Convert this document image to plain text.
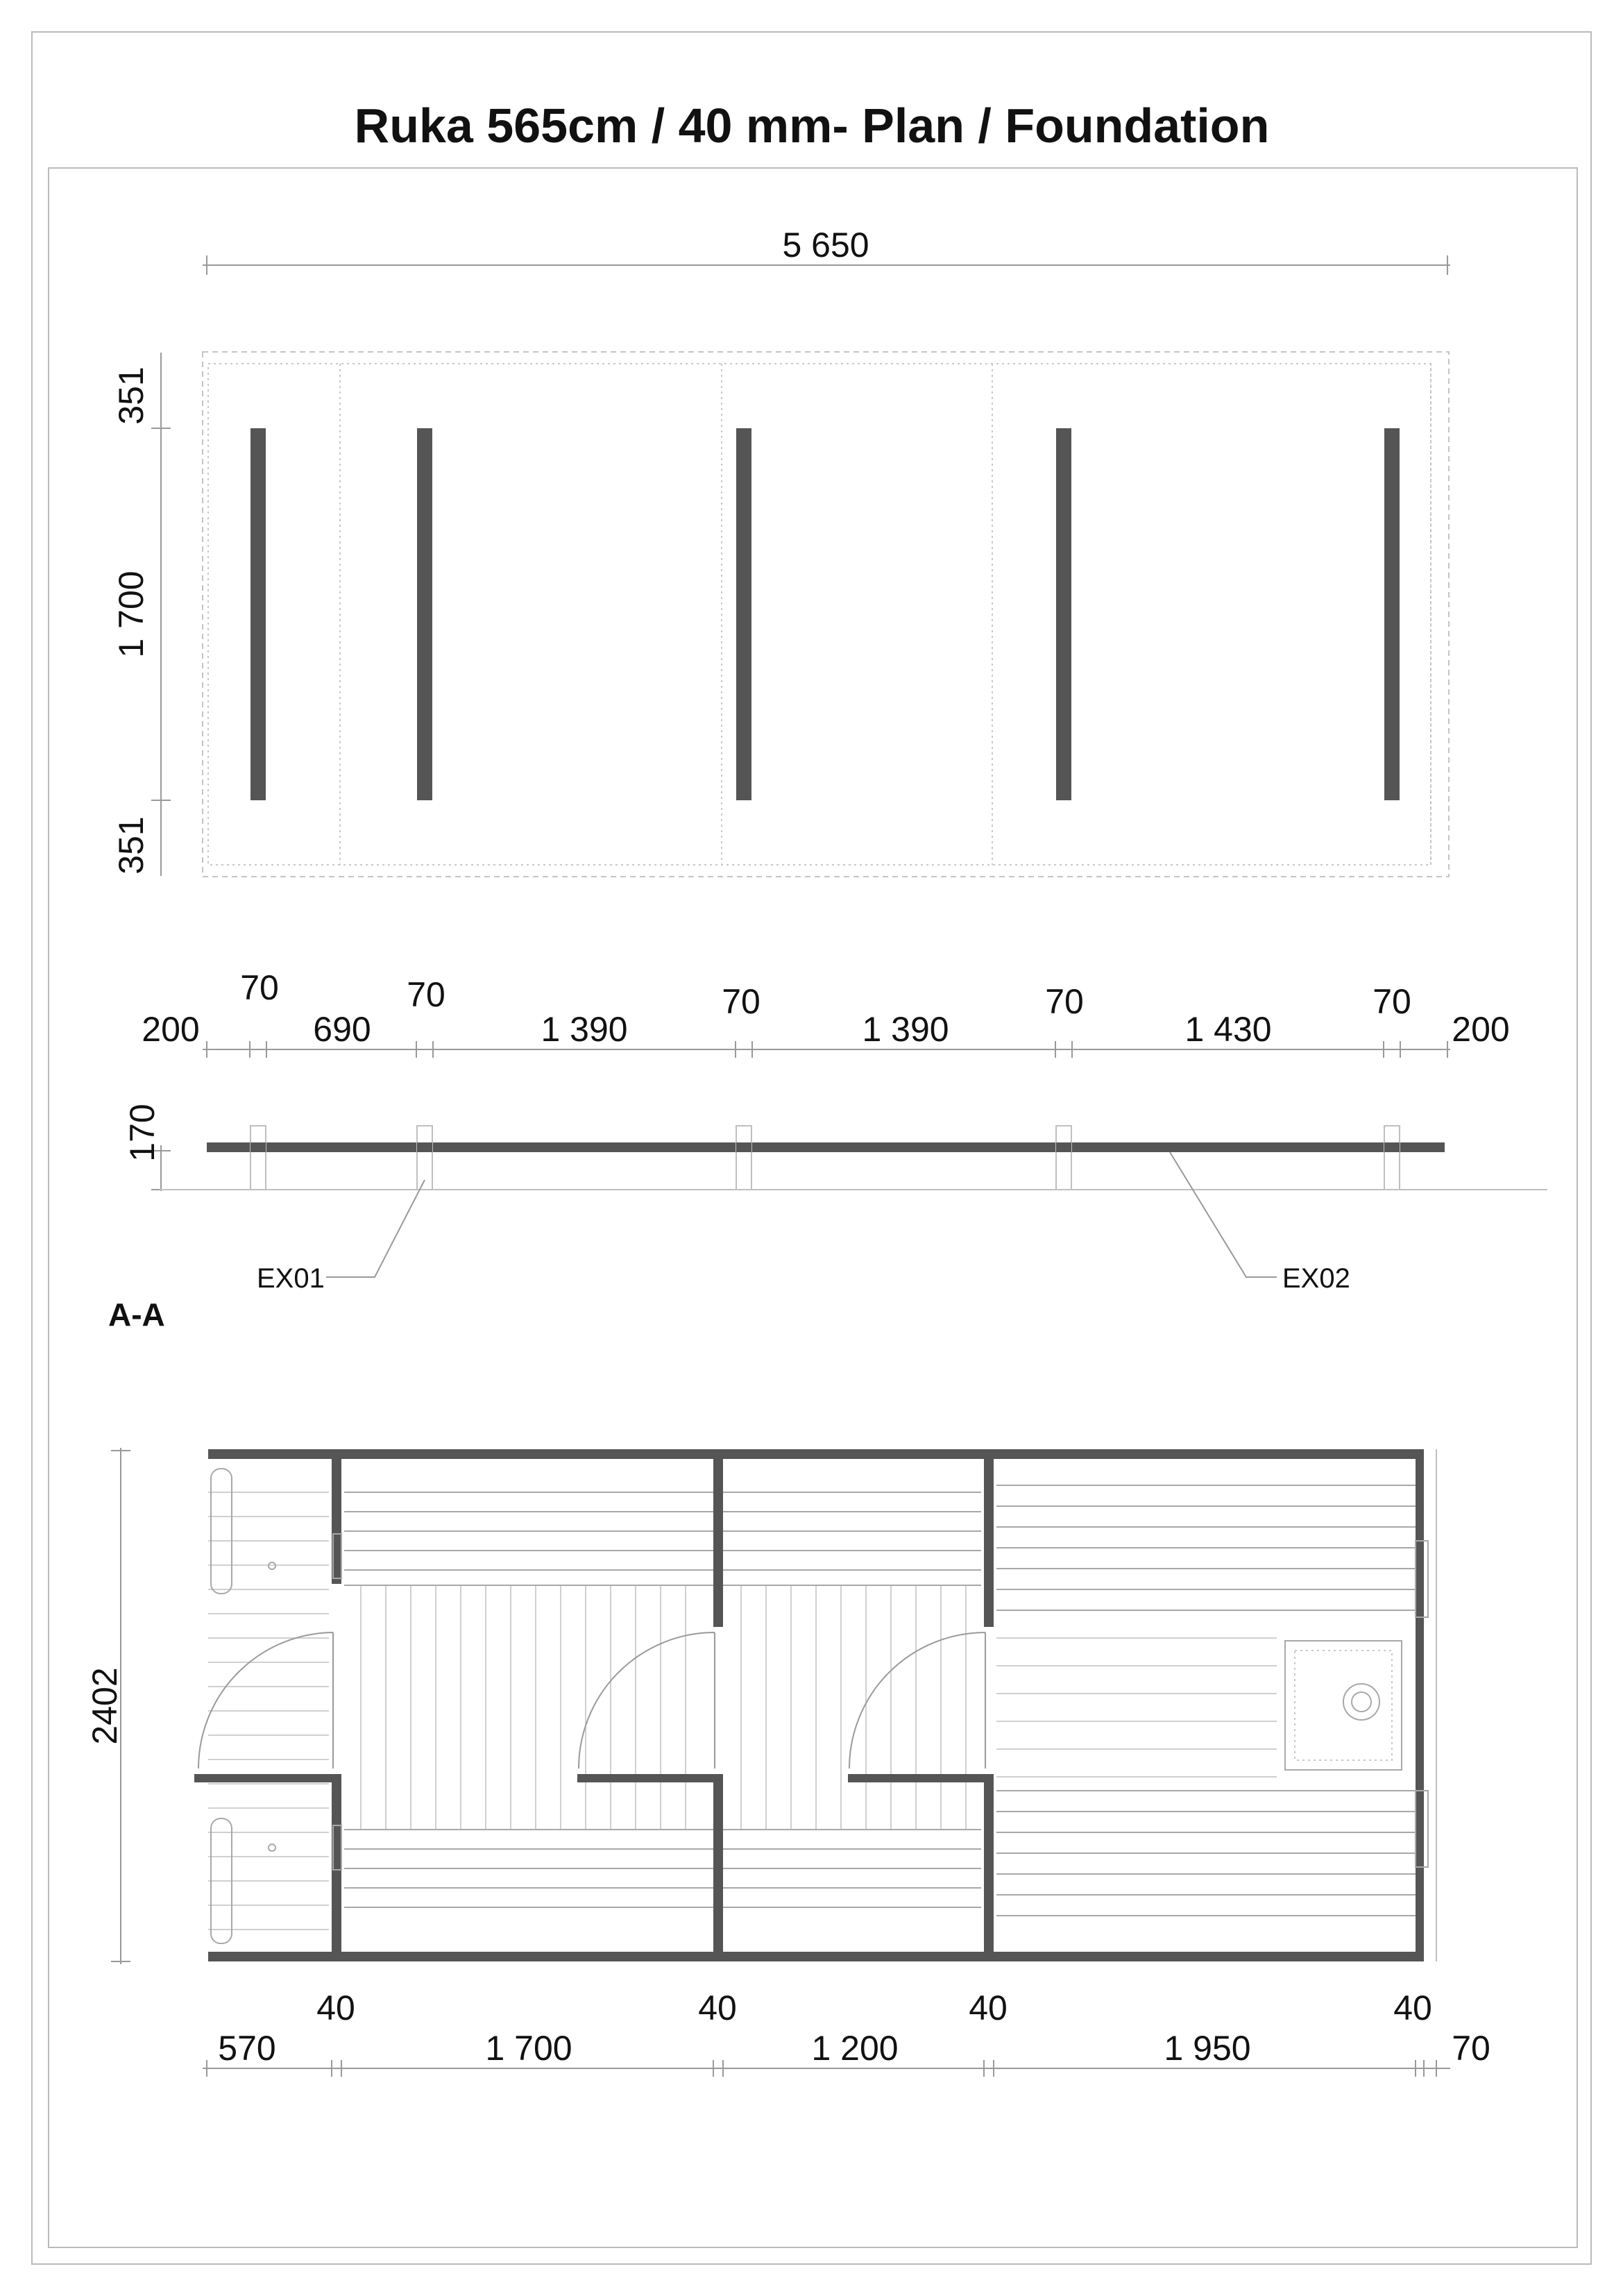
Ruka 565cm / 40 mm- Plan / Foundation
5 650
351
1 700
351
200
70
690
70
1 390
70
1 390
70
1 430
70
200
170
EX01	EX02
A-A
2402
570
40
1 700
40
1 200
40
1 950
40
70
